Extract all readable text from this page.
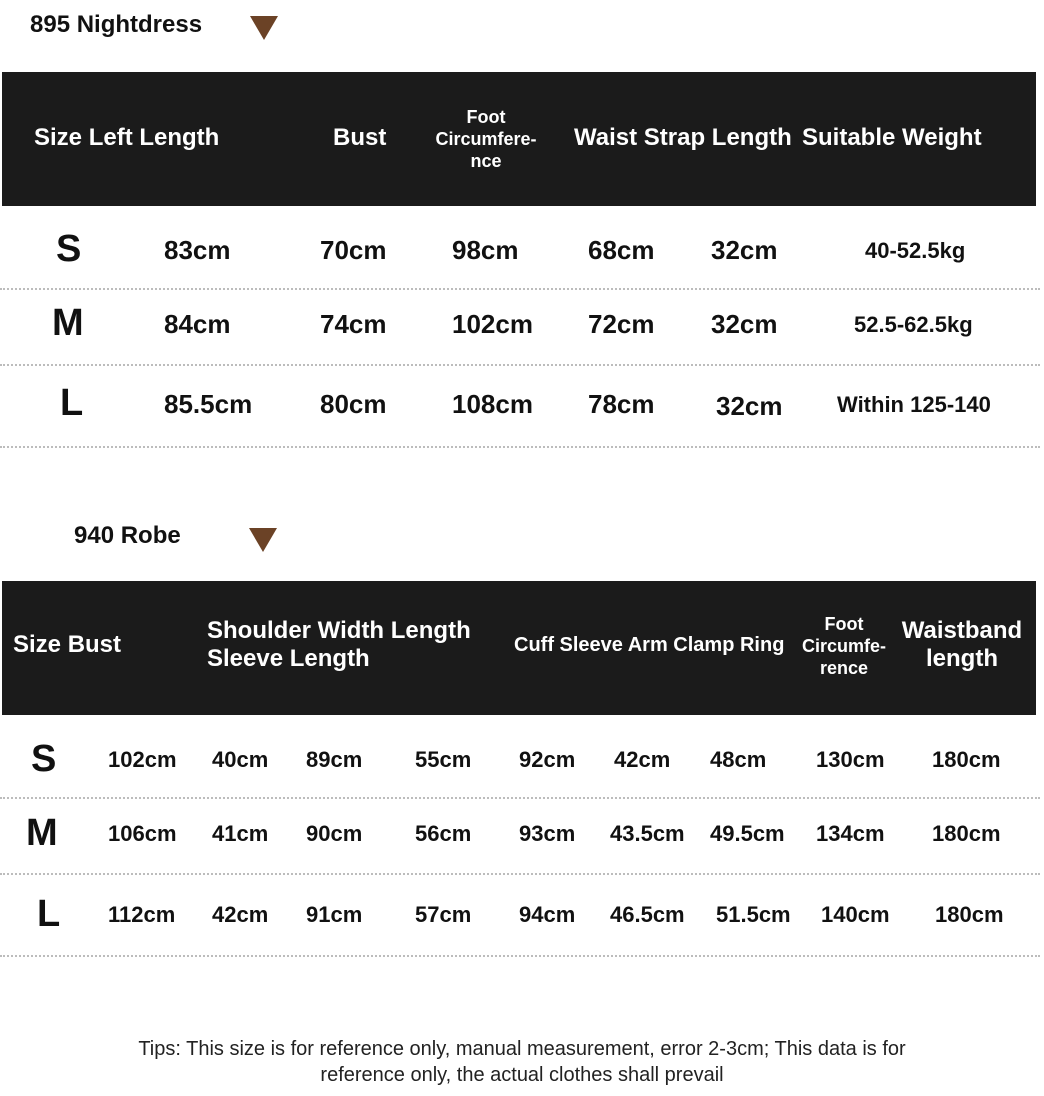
895 Nightdress
Size Left Length	Bust
Foot
Circumfere-
nce
Waist Strap Length Suitable Weight
S	83cm	70cm	98cm	68cm 32cm	40-52.5kg
M	84cm	74cm	102cm 72cm 32cm	52.5-62.5kg
L	85.5cm	80cm	108cm 78cm 32cm Within 125-140
940 Robe
Size Bust
Shoulder Width Length
Sleeve Length	Cuff Sleeve Arm Clamp Ring
Foot
Circumfe-
rence
Waistband
length
S 102cm 40cm 89cm 55cm 92cm 42cm 48cm 130cm 180cm
M 106cm 41cm 90cm 56cm 93cm 43.5cm 49.5cm 134cm 180cm
L 112cm 42cm 91cm 57cm 94cm 46.5cm 51.5cm 140cm 180cm
Tips: This size is for reference only, manual measurement, error 2-3cm; This data is for
reference only, the actual clothes shall prevail
